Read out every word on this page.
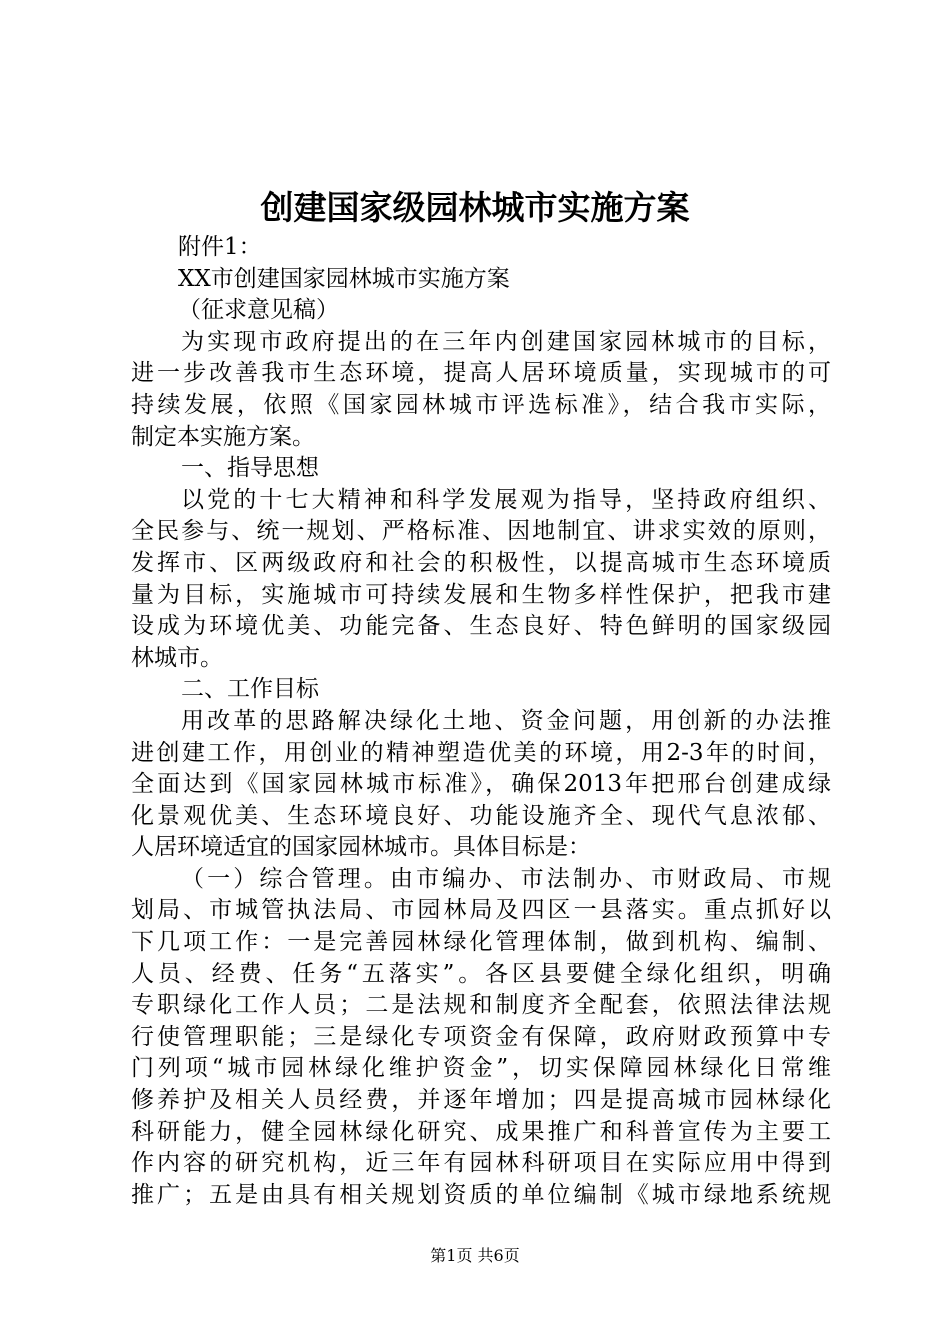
创建国家级园林城市实施方案
附件1：
XX市创建国家园林城市实施方案
（征求意见稿）
为实现市政府提出的在三年内创建国家园林城市的目标，
进一步改善我市生态环境，提高人居环境质量，实现城市的可
持续发展，依照《国家园林城市评选标准》，结合我市实际，
制定本实施方案。
一、指导思想
以党的十七大精神和科学发展观为指导，坚持政府组织、
全民参与、统一规划、严格标准、因地制宜、讲求实效的原则，
发挥市、区两级政府和社会的积极性，以提高城市生态环境质
量为目标，实施城市可持续发展和生物多样性保护，把我市建
设成为环境优美、功能完备、生态良好、特色鲜明的国家级园
林城市。
二、工作目标
用改革的思路解决绿化土地、资金问题，用创新的办法推
进创建工作，用创业的精神塑造优美的环境，用2-3年的时间，
全面达到《国家园林城市标准》，确保2013年把邢台创建成绿
化景观优美、生态环境良好、功能设施齐全、现代气息浓郁、
人居环境适宜的国家园林城市。具体目标是：
（一）综合管理。由市编办、市法制办、市财政局、市规
划局、市城管执法局、市园林局及四区一县落实。重点抓好以
下几项工作：一是完善园林绿化管理体制，做到机构、编制、
人员、经费、任务“五落实”。各区县要健全绿化组织，明确
专职绿化工作人员；二是法规和制度齐全配套，依照法律法规
行使管理职能；三是绿化专项资金有保障，政府财政预算中专
门列项“城市园林绿化维护资金”，切实保障园林绿化日常维
修养护及相关人员经费，并逐年增加；四是提高城市园林绿化
科研能力，健全园林绿化研究、成果推广和科普宣传为主要工
作内容的研究机构，近三年有园林科研项目在实际应用中得到
推广；五是由具有相关规划资质的单位编制《城市绿地系统规
第1页 共6页
